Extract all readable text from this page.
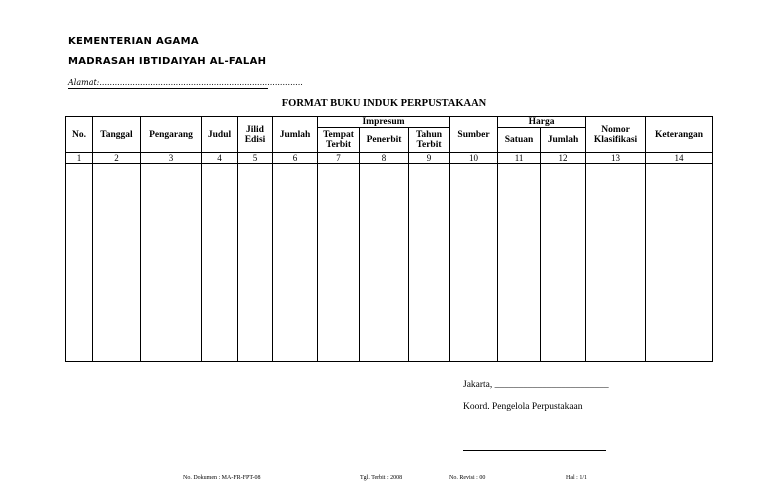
KEMENTERIAN AGAMA
MADRASAH IBTIDAIYAH AL-FALAH
Alamat:................................................................................
FORMAT BUKU INDUK PERPUSTAKAAN
No.	Tanggal	Pengarang	Judul	Jilid Edisi	Jumlah	Impresum			Sumber	Harga		Nomor Klasifikasi	Keterangan
						Tempat Terbit	Penerbit	Tahun Terbit		Satuan	Jumlah		
1	2	3	4	5	6	7	8	9	10	11	12	13	14

Jakarta, ________________________
Koord. Pengelola Perpustakaan
No. Dokumen : MA-FR-FPT-08	Tgl. Terbit : 2008	No. Revisi : 00	Hal : 1/1
